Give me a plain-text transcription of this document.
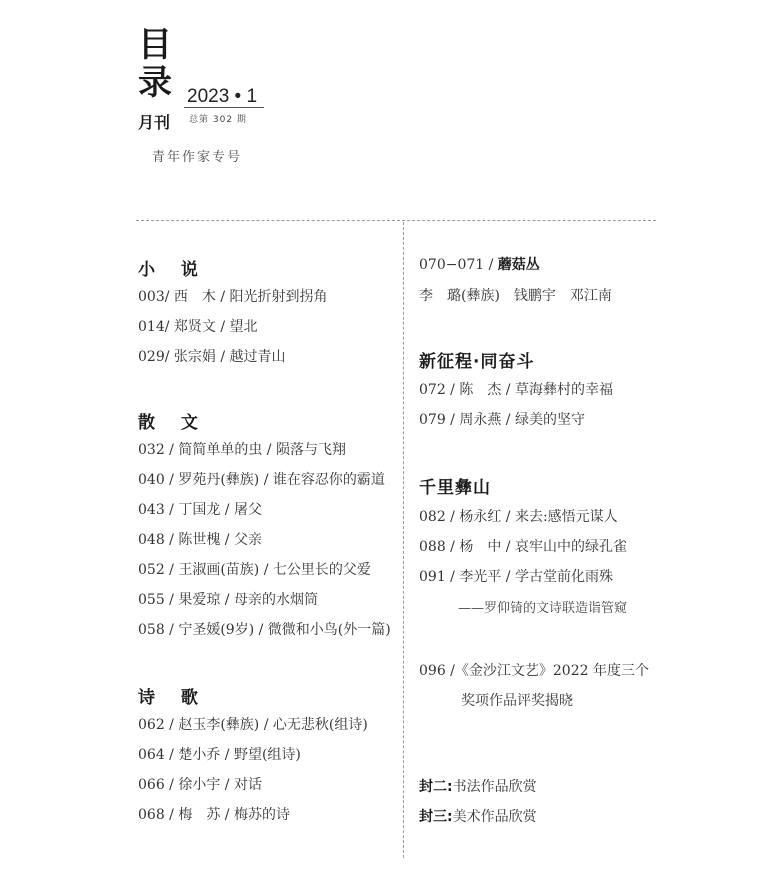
目
录 2023 • 1
总第 302 期
月刊
青年作家专号
小 说
003/ 西　木 / 阳光折射到拐角
014/ 郑贤文 / 望北
029/ 张宗娟 / 越过青山
散 文
032 / 简简单单的虫 / 陨落与飞翔
040 / 罗苑丹(彝族) / 谁在容忍你的霸道
043 / 丁国龙 / 屠父
048 / 陈世槐 / 父亲
052 / 王淑画(苗族) / 七公里长的父爱
055 / 果爱琼 / 母亲的水烟筒
058 / 宁圣媛(9岁) / 微微和小鸟(外一篇)
诗 歌
062 / 赵玉李(彝族) / 心无悲秋(组诗)
064 / 楚小乔 / 野望(组诗)
066 / 徐小宇 / 对话
068 / 梅　苏 / 梅苏的诗
070−071 / 蘑菇丛
李　璐(彝族)　钱鹏宇　邓江南
新征程·同奋斗
072 / 陈　杰 / 草海彝村的幸福
079 / 周永燕 / 绿美的坚守
千里彝山
082 / 杨永红 / 来去:感悟元谋人
088 / 杨　中 / 哀牢山中的绿孔雀
091 / 李光平 / 学古堂前化雨殊
——罗仰锜的文诗联造诣管窥
096 /《金沙江文艺》2022 年度三个
奖项作品评奖揭晓
封二:书法作品欣赏
封三:美术作品欣赏
